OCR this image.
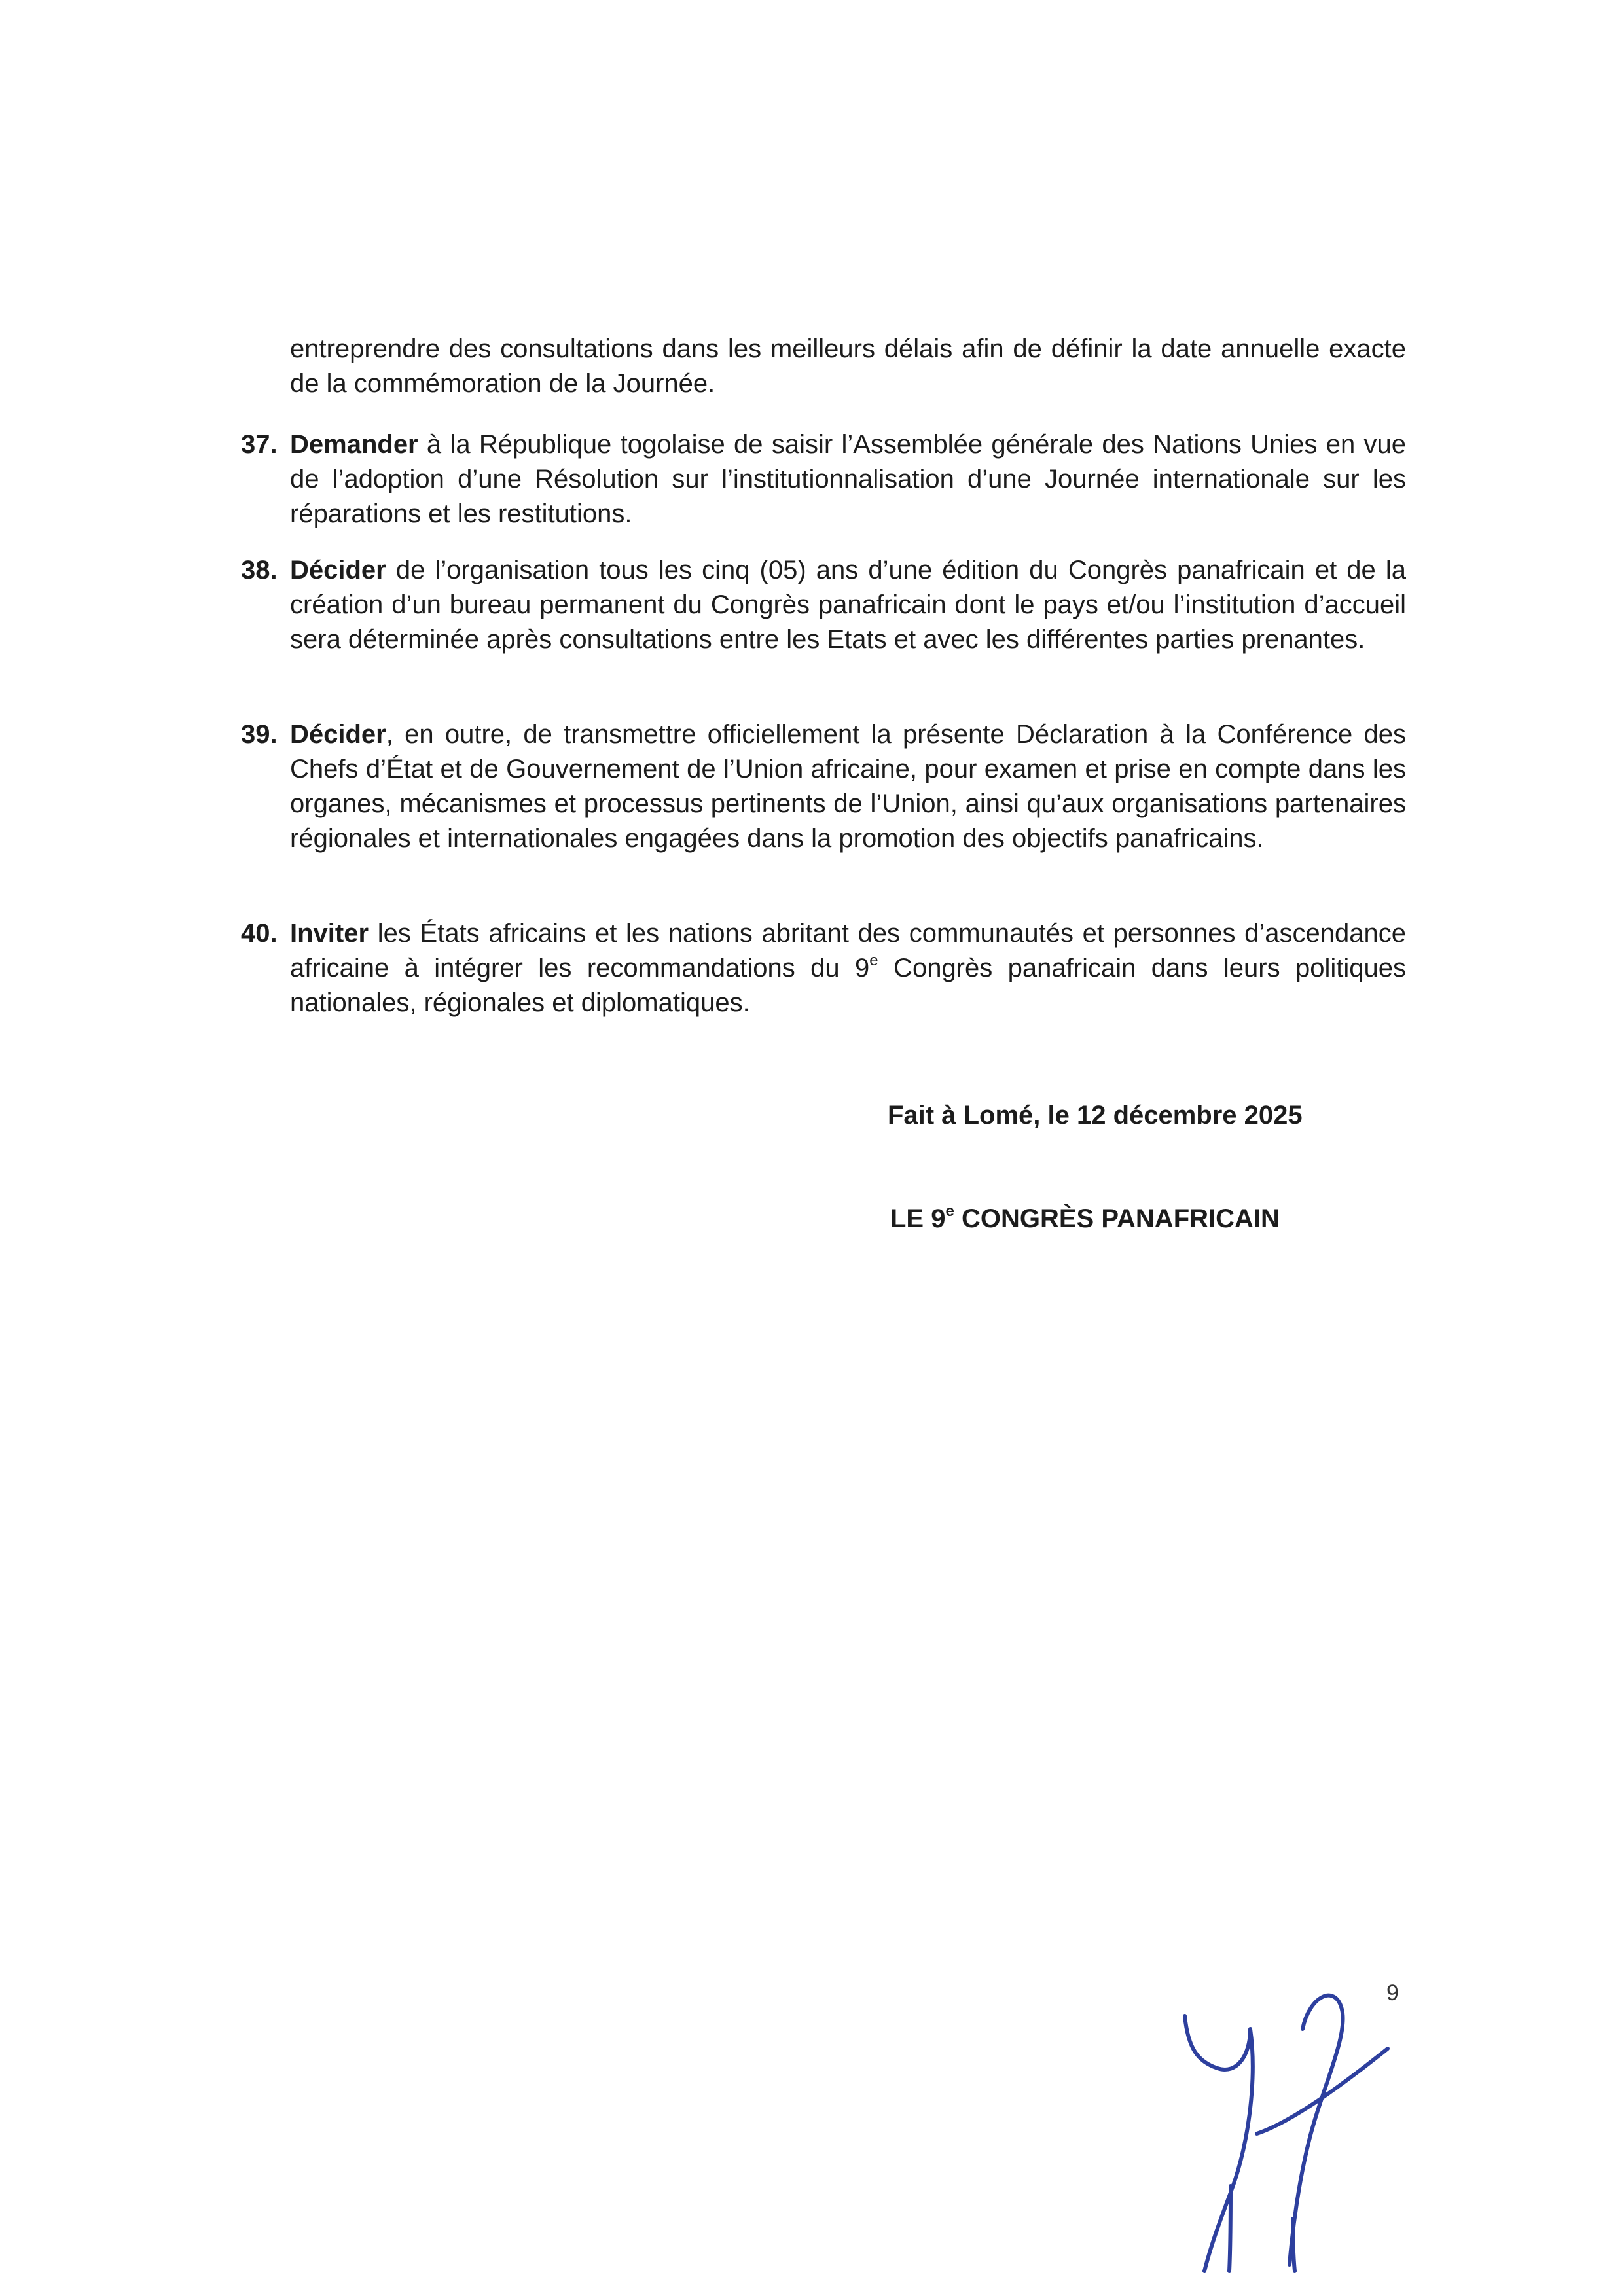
entreprendre des consultations dans les meilleurs délais afin de définir la date annuelle exacte de la commémoration de la Journée.
37. Demander à la République togolaise de saisir l’Assemblée générale des Nations Unies en vue de l’adoption d’une Résolution sur l’institutionnalisation d’une Journée internationale sur les réparations et les restitutions.
38. Décider de l’organisation tous les cinq (05) ans d’une édition du Congrès panafricain et de la création d’un bureau permanent du Congrès panafricain dont le pays et/ou l’institution d’accueil sera déterminée après consultations entre les Etats et avec les différentes parties prenantes.
39. Décider, en outre, de transmettre officiellement la présente Déclaration à la Conférence des Chefs d’État et de Gouvernement de l’Union africaine, pour examen et prise en compte dans les organes, mécanismes et processus pertinents de l’Union, ainsi qu’aux organisations partenaires régionales et internationales engagées dans la promotion des objectifs panafricains.
40. Inviter les États africains et les nations abritant des communautés et personnes d’ascendance africaine à intégrer les recommandations du 9e Congrès panafricain dans leurs politiques nationales, régionales et diplomatiques.
Fait à Lomé, le 12 décembre 2025
LE 9e CONGRÈS PANAFRICAIN
9
